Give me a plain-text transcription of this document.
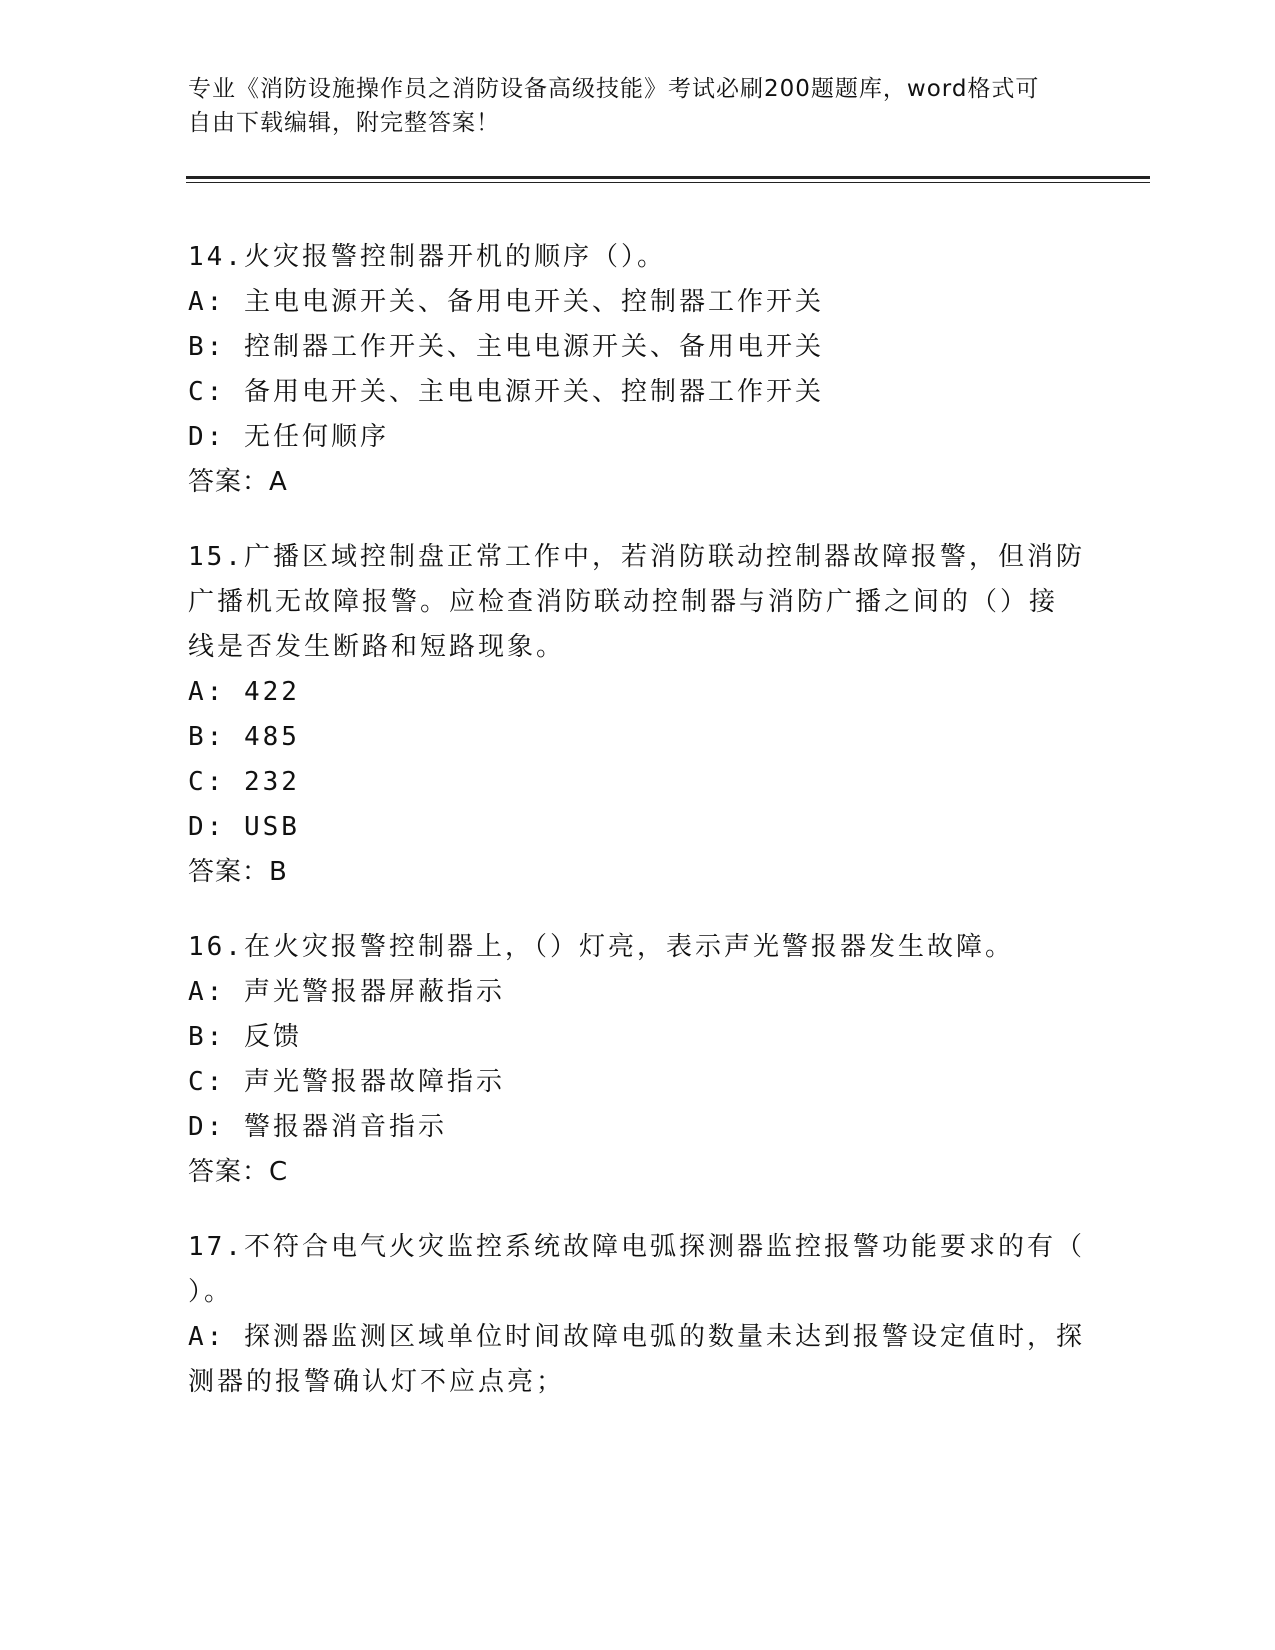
专业《消防设施操作员之消防设备高级技能》考试必刷200题题库，word格式可
自由下载编辑，附完整答案！
14.火灾报警控制器开机的顺序（）。
A: 主电电源开关、备用电开关、控制器工作开关
B: 控制器工作开关、主电电源开关、备用电开关
C: 备用电开关、主电电源开关、控制器工作开关
D: 无任何顺序
答案：A
15.广播区域控制盘正常工作中，若消防联动控制器故障报警，但消防
广播机无故障报警。应检查消防联动控制器与消防广播之间的（）接
线是否发生断路和短路现象。
A: 422
B: 485
C: 232
D: USB
答案：B
16.在火灾报警控制器上，（）灯亮，表示声光警报器发生故障。
A: 声光警报器屏蔽指示
B: 反馈
C: 声光警报器故障指示
D: 警报器消音指示
答案：C
17.不符合电气火灾监控系统故障电弧探测器监控报警功能要求的有（
）。
A: 探测器监测区域单位时间故障电弧的数量未达到报警设定值时，探
测器的报警确认灯不应点亮；
